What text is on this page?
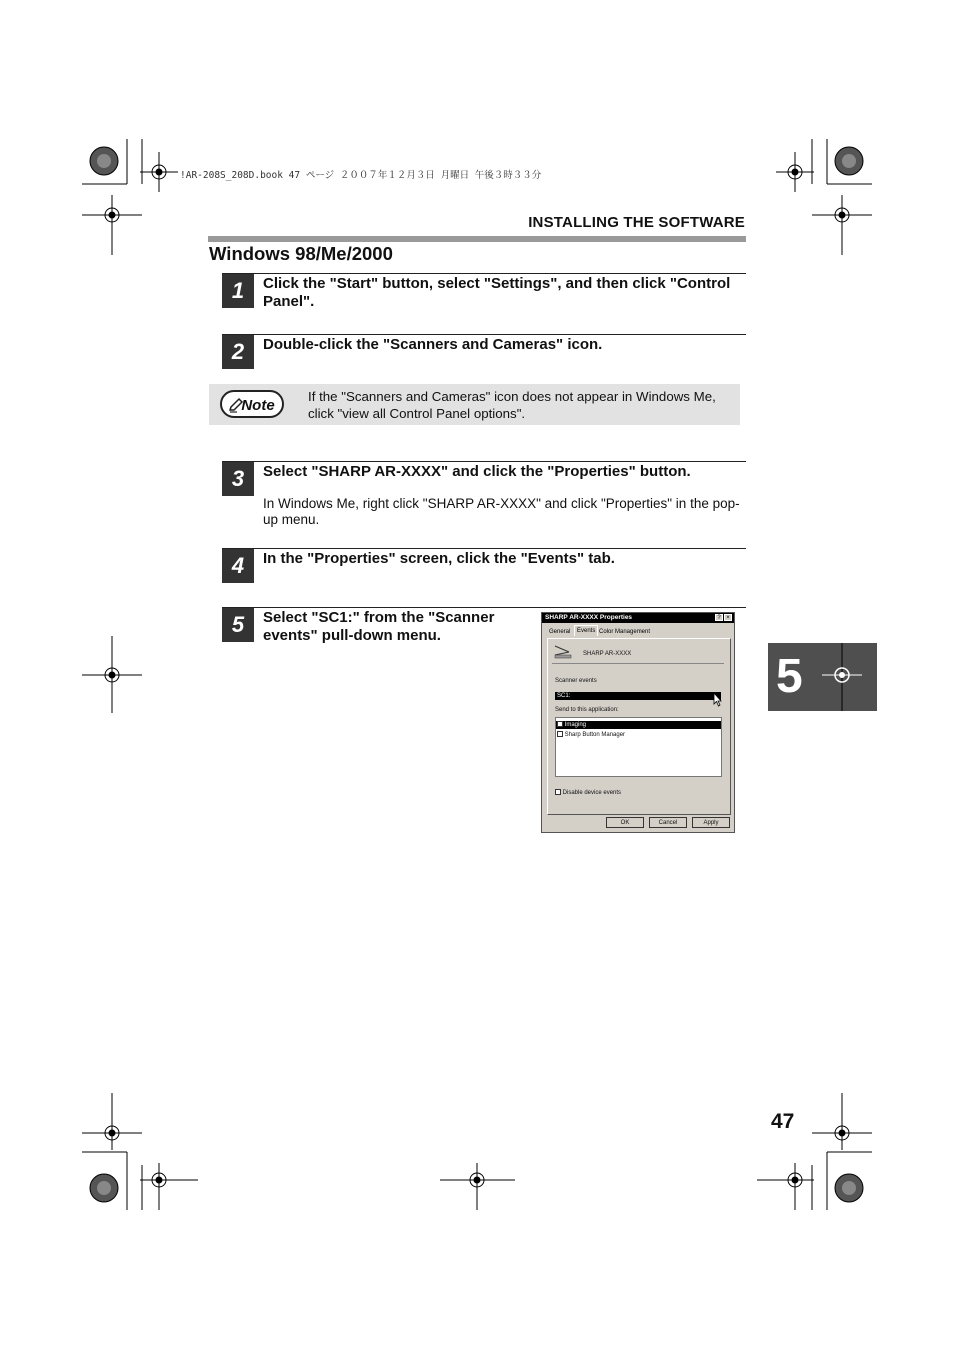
!AR-208S_208D.book 47 ページ ２００７年１２月３日 月曜日 午後３時３３分
INSTALLING THE SOFTWARE
Windows 98/Me/2000
1	Click the "Start" button, select "Settings", and then click "Control Panel".
2	Double-click the "Scanners and Cameras" icon.
Note
If the "Scanners and Cameras" icon does not appear in Windows Me, click "view all Control Panel options".
3	Select "SHARP AR-XXXX" and click the "Properties" button.
In Windows Me, right click "SHARP AR-XXXX" and click "Properties" in the pop-up menu.
4	In the "Properties" screen, click the "Events" tab.
5	Select "SC1:" from the "Scanner events" pull-down menu.
SHARP AR-XXXX Properties	? ×
General	Events Color Management
SHARP AR-XXXX
Scanner events
SC1:
Send to this application:
Imaging
Sharp Button Manager
Disable device events
OK	Cancel	Apply
5
47
